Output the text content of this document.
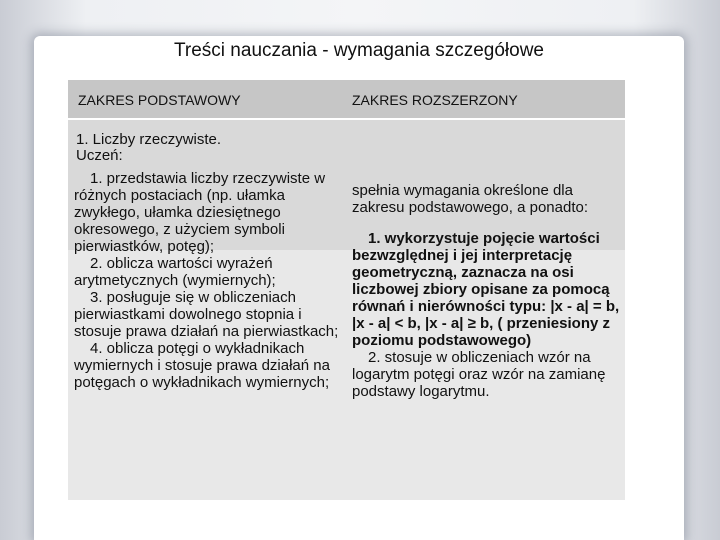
Treści nauczania - wymagania szczegółowe
1. Liczby rzeczywiste.
Uczeń:
ZAKRES PODSTAWOWY	ZAKRES ROZSZERZONY
1. przedstawia liczby rzeczywiste w różnych postaciach (np. ułamka zwykłego, ułamka dziesiętnego okresowego, z użyciem symboli pierwiastków, potęg);
2. oblicza wartości wyrażeń arytmetycznych (wymiernych);
3. posługuje się w obliczeniach pierwiastkami dowolnego stopnia i stosuje prawa działań na pierwiastkach;
4. oblicza potęgi o wykładnikach wymiernych i stosuje prawa działań na potęgach o wykładnikach wymiernych;
spełnia wymagania określone dla zakresu podstawowego, a ponadto:
1. wykorzystuje pojęcie wartości bezwzględnej i jej interpretację geometryczną, zaznacza na osi liczbowej zbiory opisane za pomocą równań i nierówności typu: |x - a| = b, |x - a| < b, |x - a| ≥ b, ( przeniesiony z poziomu podstawowego)
2. stosuje w obliczeniach wzór na logarytm potęgi oraz wzór na zamianę podstawy logarytmu.
